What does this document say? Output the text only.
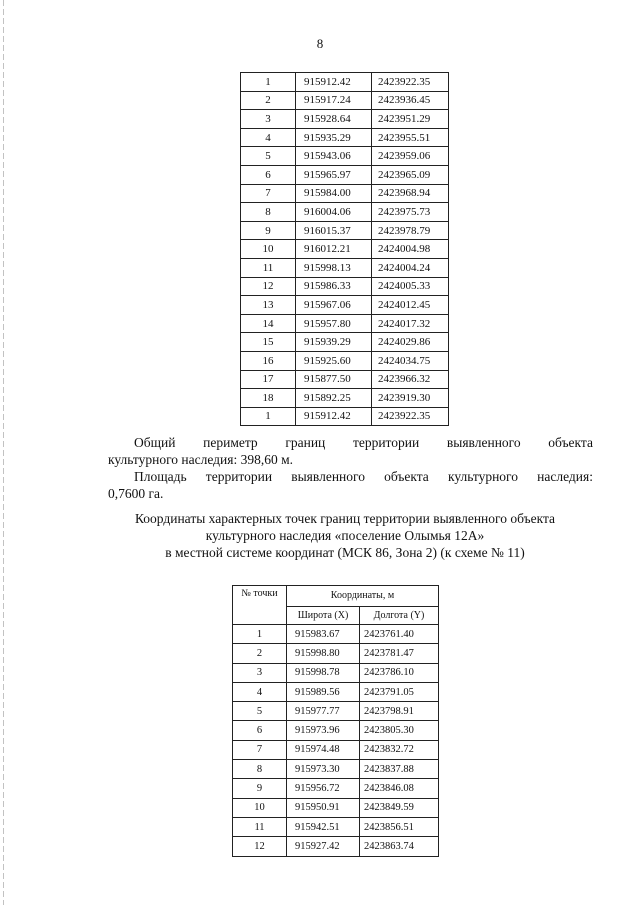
8
1	915912.42	2423922.35
2	915917.24	2423936.45
3	915928.64	2423951.29
4	915935.29	2423955.51
5	915943.06	2423959.06
6	915965.97	2423965.09
7	915984.00	2423968.94
8	916004.06	2423975.73
9	916015.37	2423978.79
10	916012.21	2424004.98
11	915998.13	2424004.24
12	915986.33	2424005.33
13	915967.06	2424012.45
14	915957.80	2424017.32
15	915939.29	2424029.86
16	915925.60	2424034.75
17	915877.50	2423966.32
18	915892.25	2423919.30
1	915912.42	2423922.35
Общий периметр границ территории выявленного объекта
культурного наследия: 398,60 м.
Площадь территории выявленного объекта культурного наследия:
0,7600 га.
Координаты характерных точек границ территории выявленного объекта
культурного наследия «поселение Олымья 12А»
в местной системе координат (МСК 86, Зона 2) (к схеме № 11)
№ точки	Координаты, м	
	Широта (X)	Долгота (Y)
1	915983.67	2423761.40
2	915998.80	2423781.47
3	915998.78	2423786.10
4	915989.56	2423791.05
5	915977.77	2423798.91
6	915973.96	2423805.30
7	915974.48	2423832.72
8	915973.30	2423837.88
9	915956.72	2423846.08
10	915950.91	2423849.59
11	915942.51	2423856.51
12	915927.42	2423863.74
